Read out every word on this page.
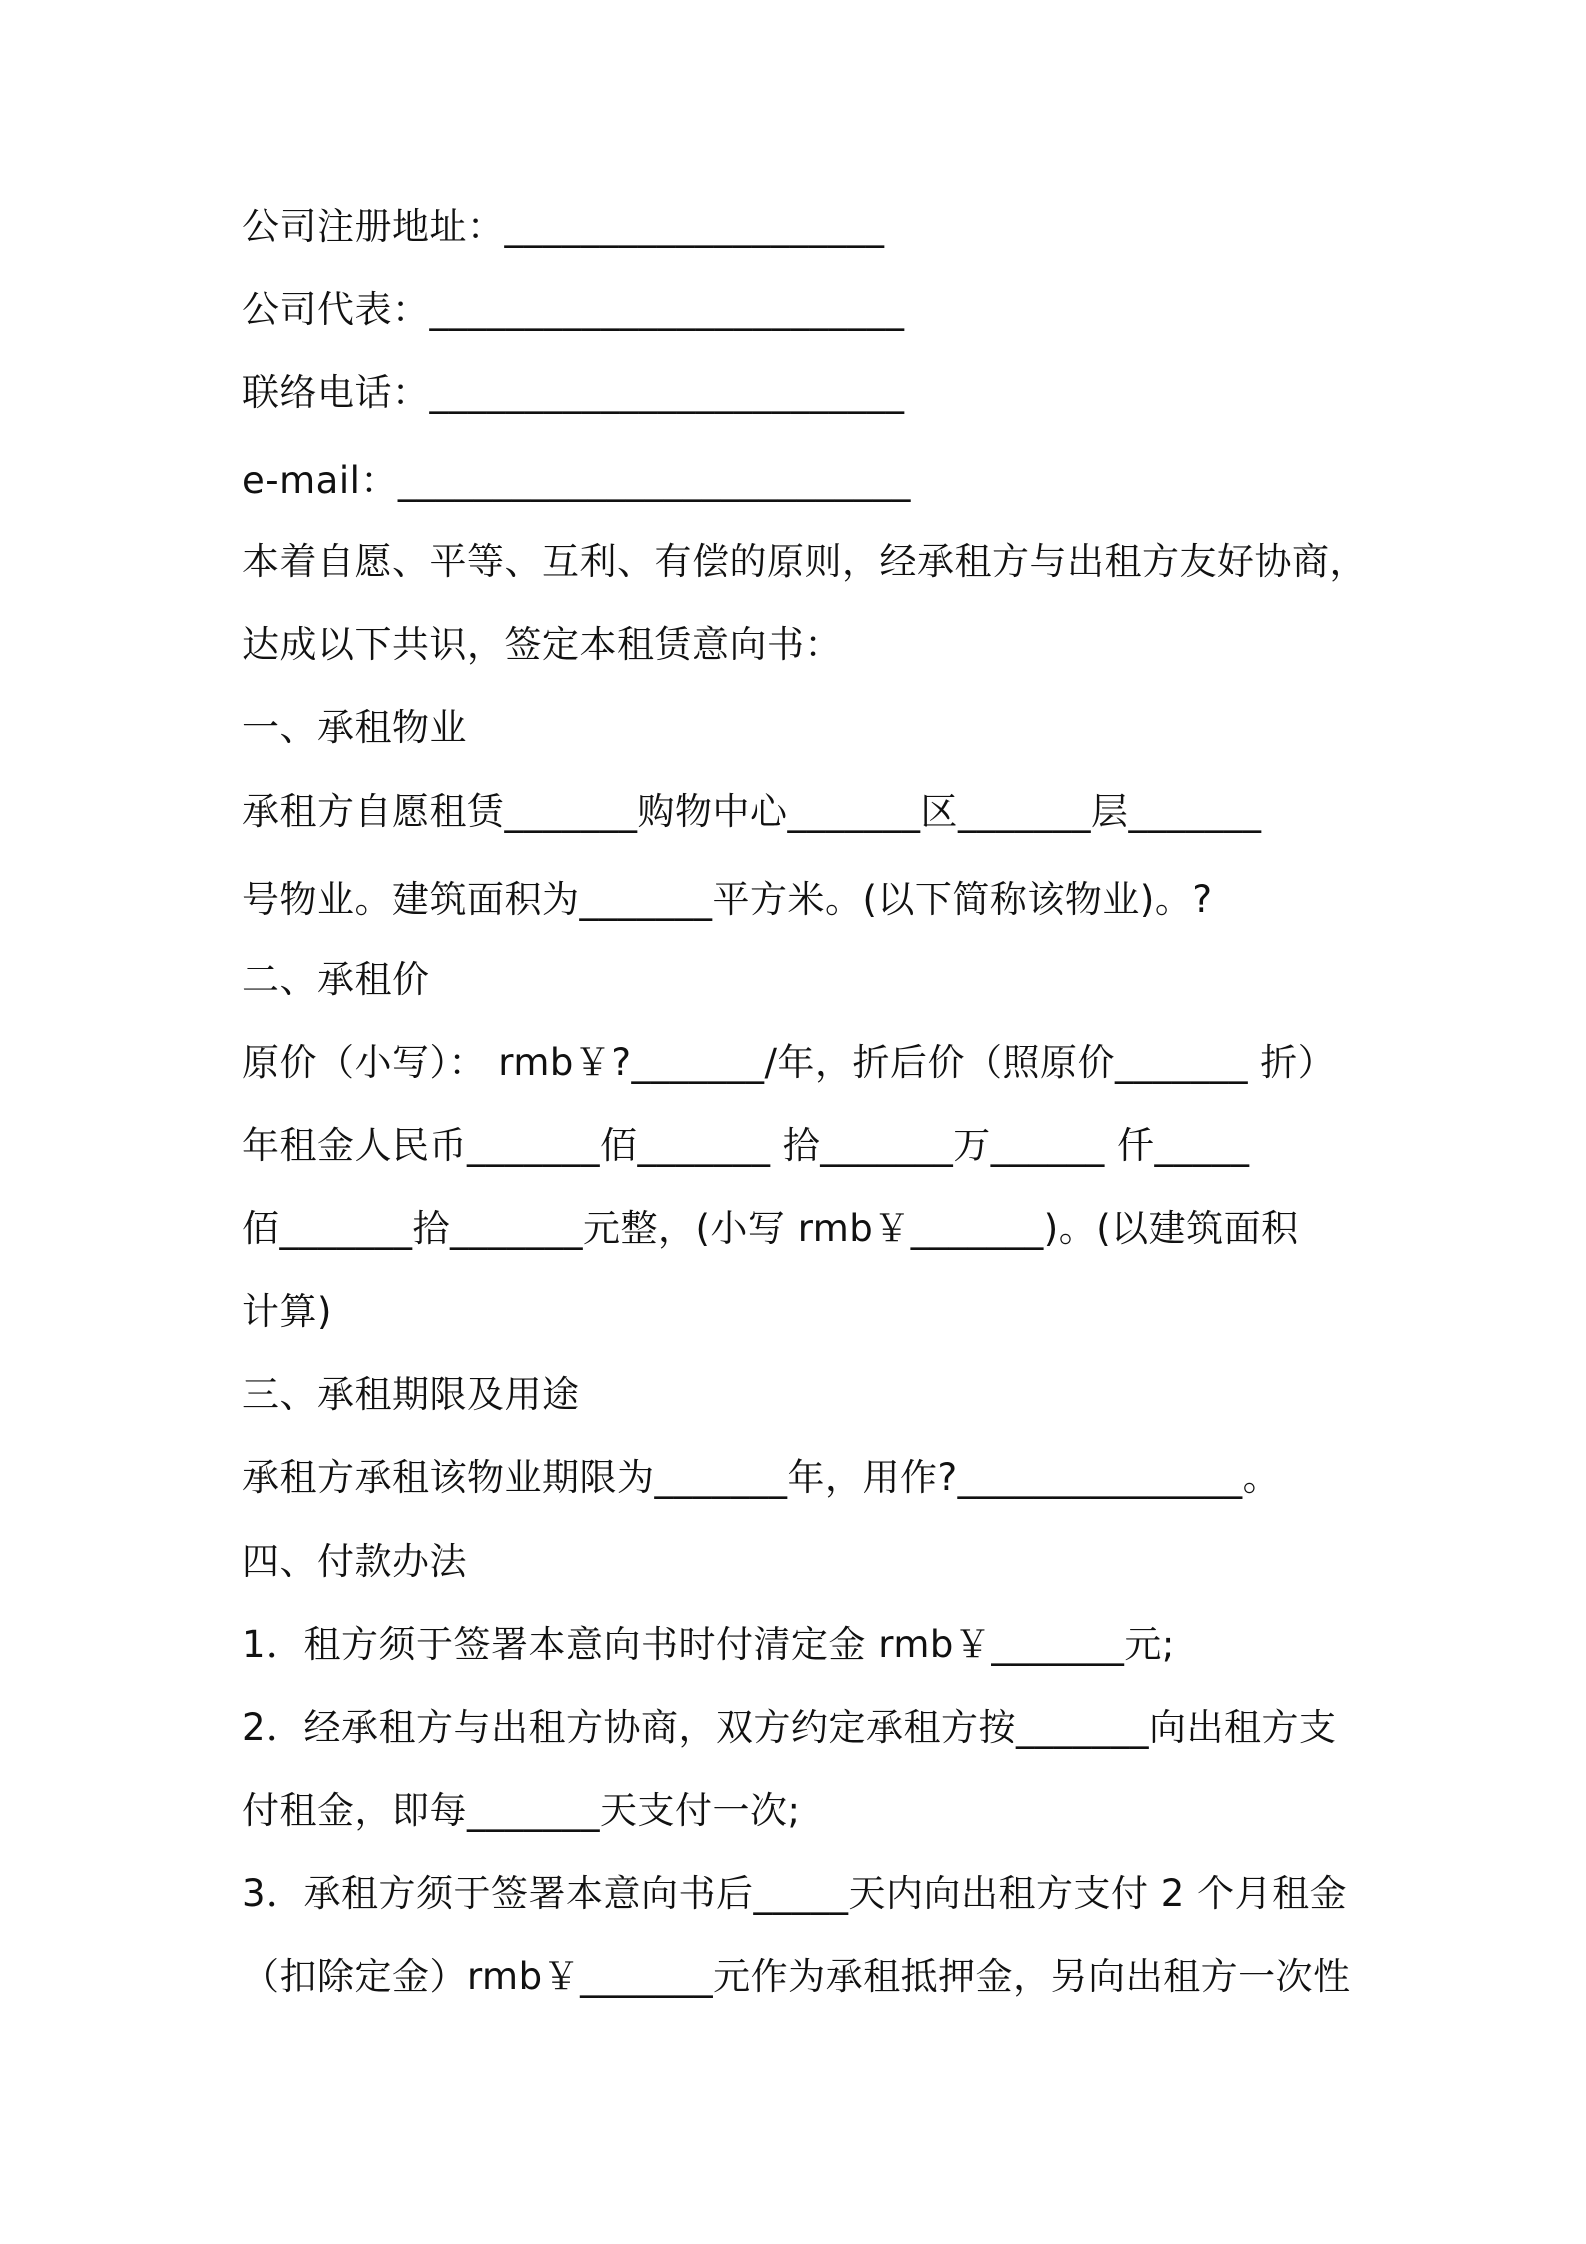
公司注册地址：____________________
公司代表：_________________________
联络电话：_________________________
e-mail：___________________________
本着自愿、平等、互利、有偿的原则，经承租方与出租方友好协商，
达成以下共识，签定本租赁意向书：
一、承租物业
承租方自愿租赁_______购物中心_______区_______层_______
号物业。建筑面积为_______平方米。(以下简称该物业)。?
二、承租价
原价（小写）： rmb￥?_______/年，折后价（照原价_______ 折）
年租金人民币_______佰_______ 拾_______万______ 仟_____
佰_______拾_______元整，(小写 rmb￥_______)。(以建筑面积
计算)
三、承租期限及用途
承租方承租该物业期限为_______年，用作?_______________。
四、付款办法
1．租方须于签署本意向书时付清定金 rmb￥_______元;
2．经承租方与出租方协商，双方约定承租方按_______向出租方支
付租金，即每_______天支付一次;
3．承租方须于签署本意向书后_____天内向出租方支付 2 个月租金
（扣除定金）rmb￥_______元作为承租抵押金，另向出租方一次性
